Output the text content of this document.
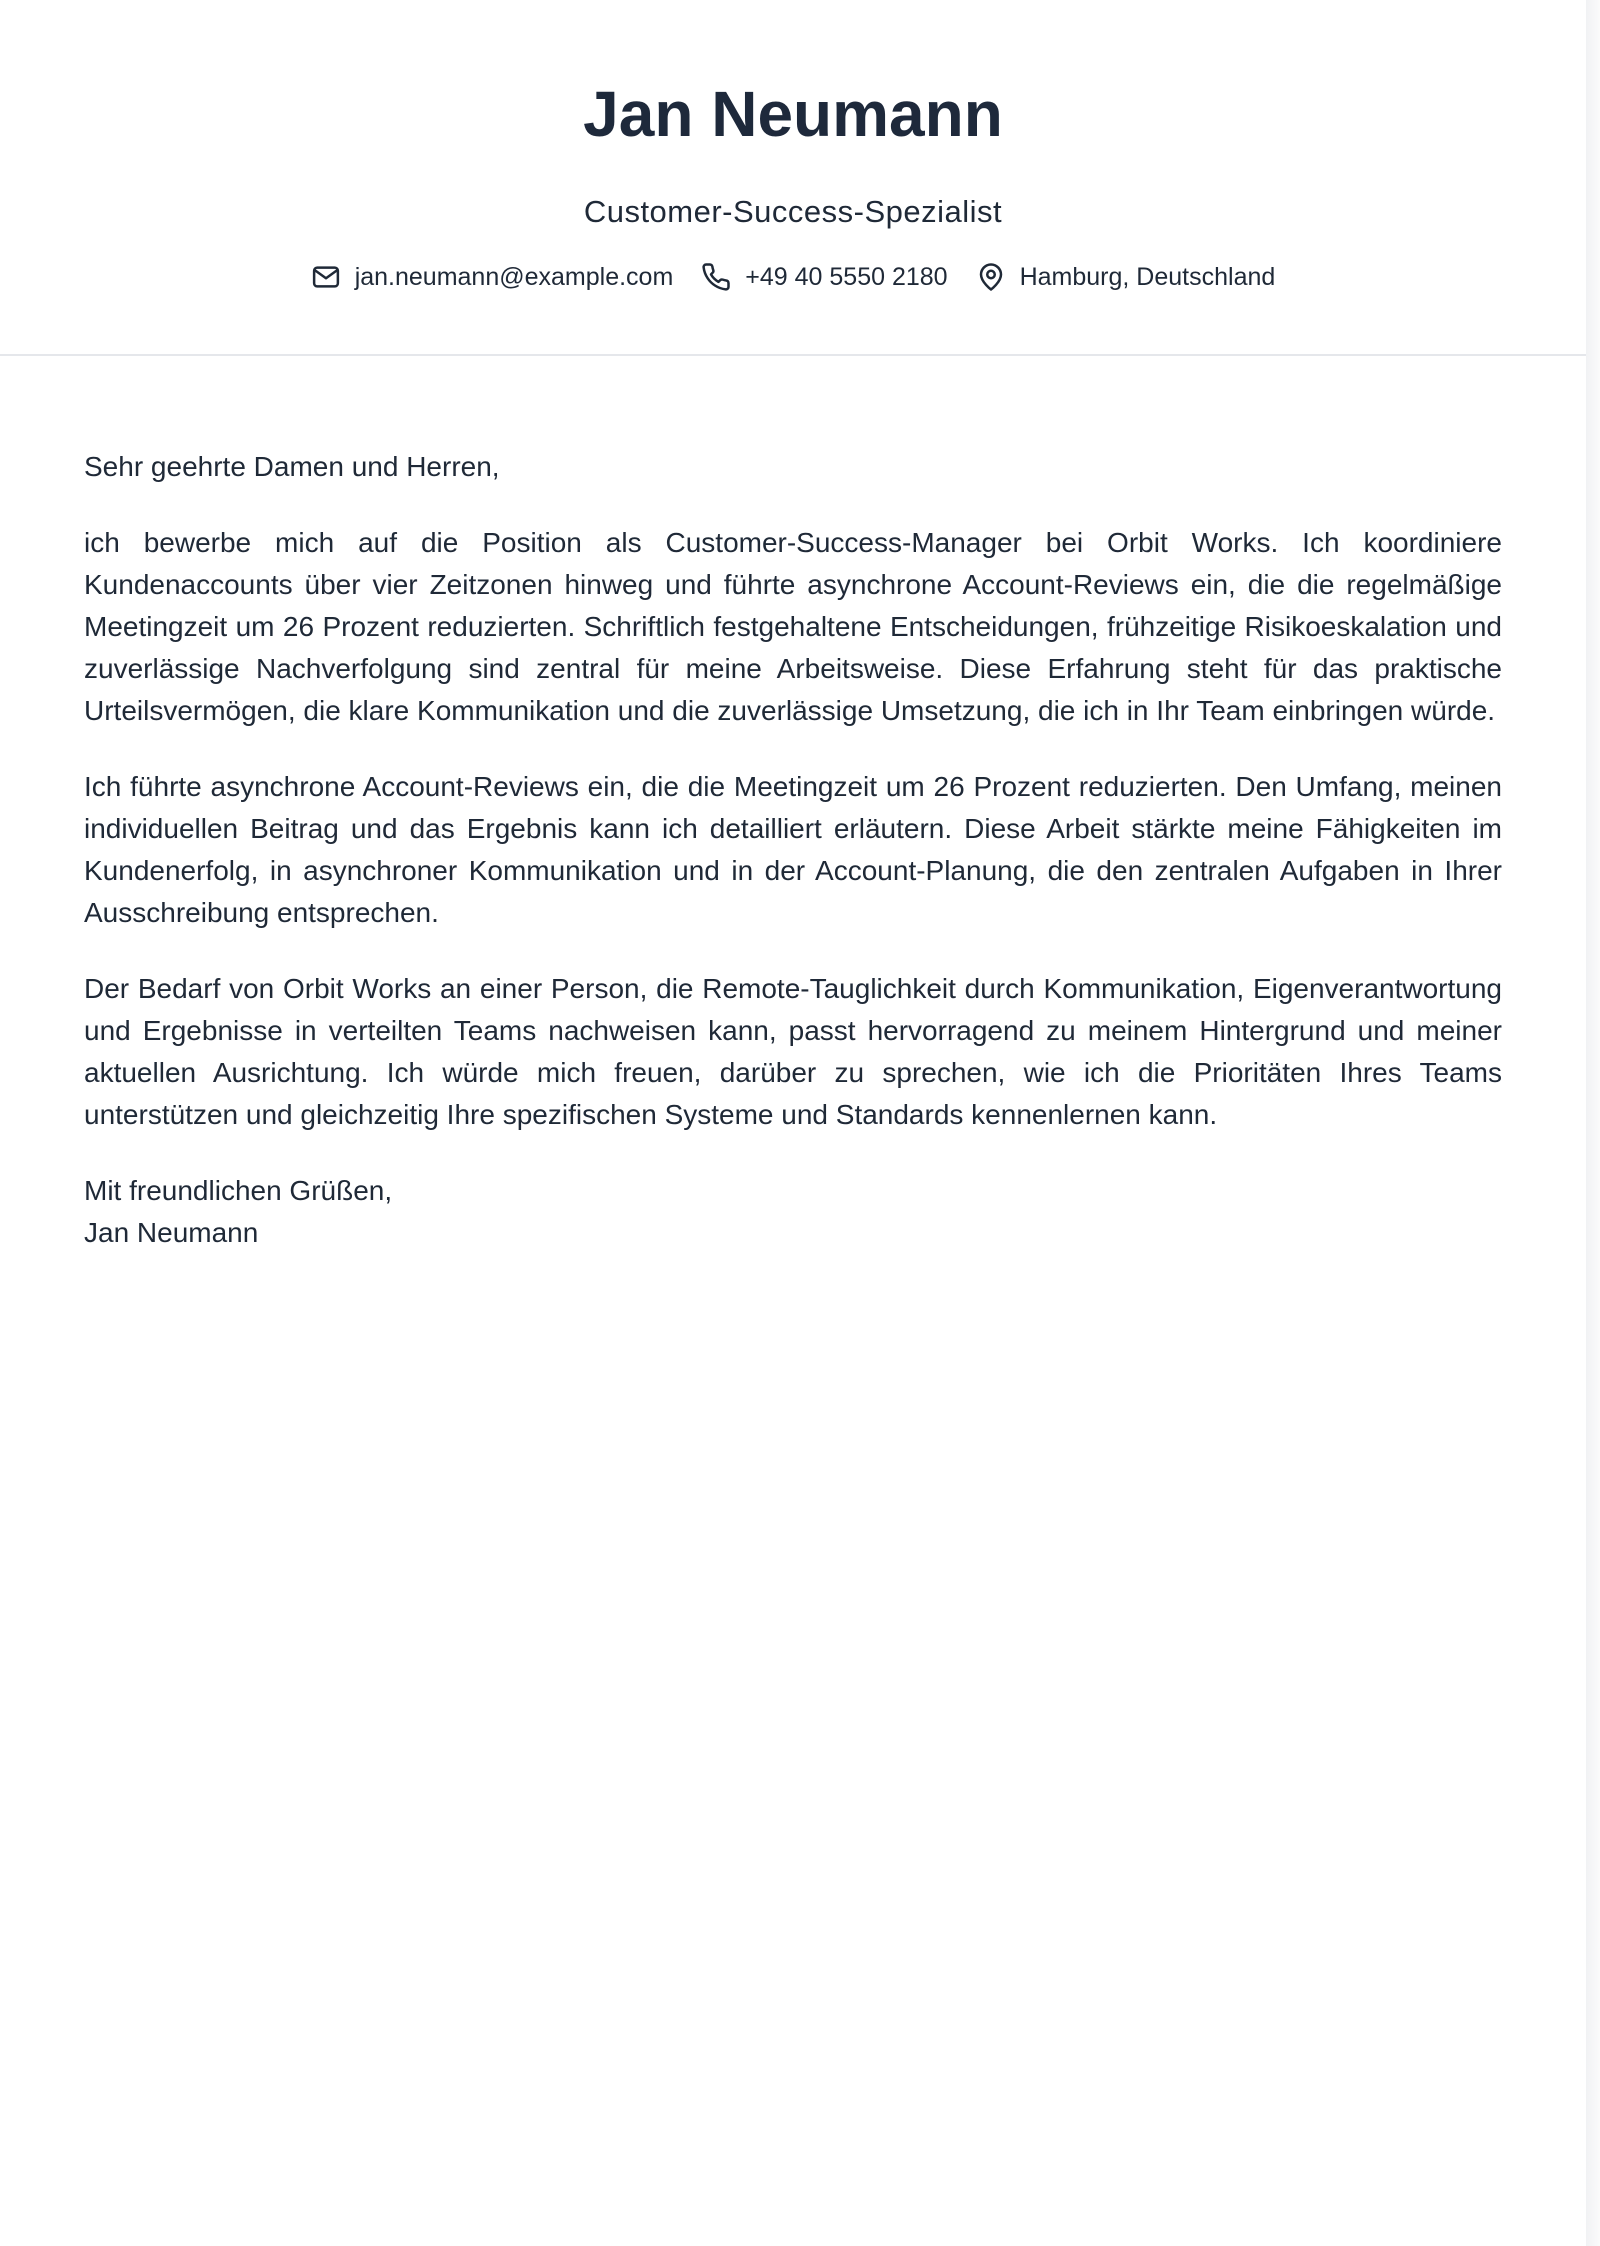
Jan Neumann
Customer-Success-Spezialist
jan.neumann@example.com	+49 40 5550 2180	Hamburg, Deutschland

Sehr geehrte Damen und Herren,

ich bewerbe mich auf die Position als Customer-Success-Manager bei Orbit Works. Ich koordiniere Kundenaccounts über vier Zeitzonen hinweg und führte asynchrone Account-Reviews ein, die die regelmäßige Meetingzeit um 26 Prozent reduzierten. Schriftlich festgehaltene Entscheidungen, frühzeitige Risikoeskalation und zuverlässige Nachverfolgung sind zentral für meine Arbeitsweise. Diese Erfahrung steht für das praktische Urteilsvermögen, die klare Kommunikation und die zuverlässige Umsetzung, die ich in Ihr Team einbringen würde.

Ich führte asynchrone Account-Reviews ein, die die Meetingzeit um 26 Prozent reduzierten. Den Umfang, meinen individuellen Beitrag und das Ergebnis kann ich detailliert erläutern. Diese Arbeit stärkte meine Fähigkeiten im Kundenerfolg, in asynchroner Kommunikation und in der Account-Planung, die den zentralen Aufgaben in Ihrer Ausschreibung entsprechen.

Der Bedarf von Orbit Works an einer Person, die Remote-Tauglichkeit durch Kommunikation, Eigenverantwortung und Ergebnisse in verteilten Teams nachweisen kann, passt hervorragend zu meinem Hintergrund und meiner aktuellen Ausrichtung. Ich würde mich freuen, darüber zu sprechen, wie ich die Prioritäten Ihres Teams unterstützen und gleichzeitig Ihre spezifischen Systeme und Standards kennenlernen kann.

Mit freundlichen Grüßen,
Jan Neumann
